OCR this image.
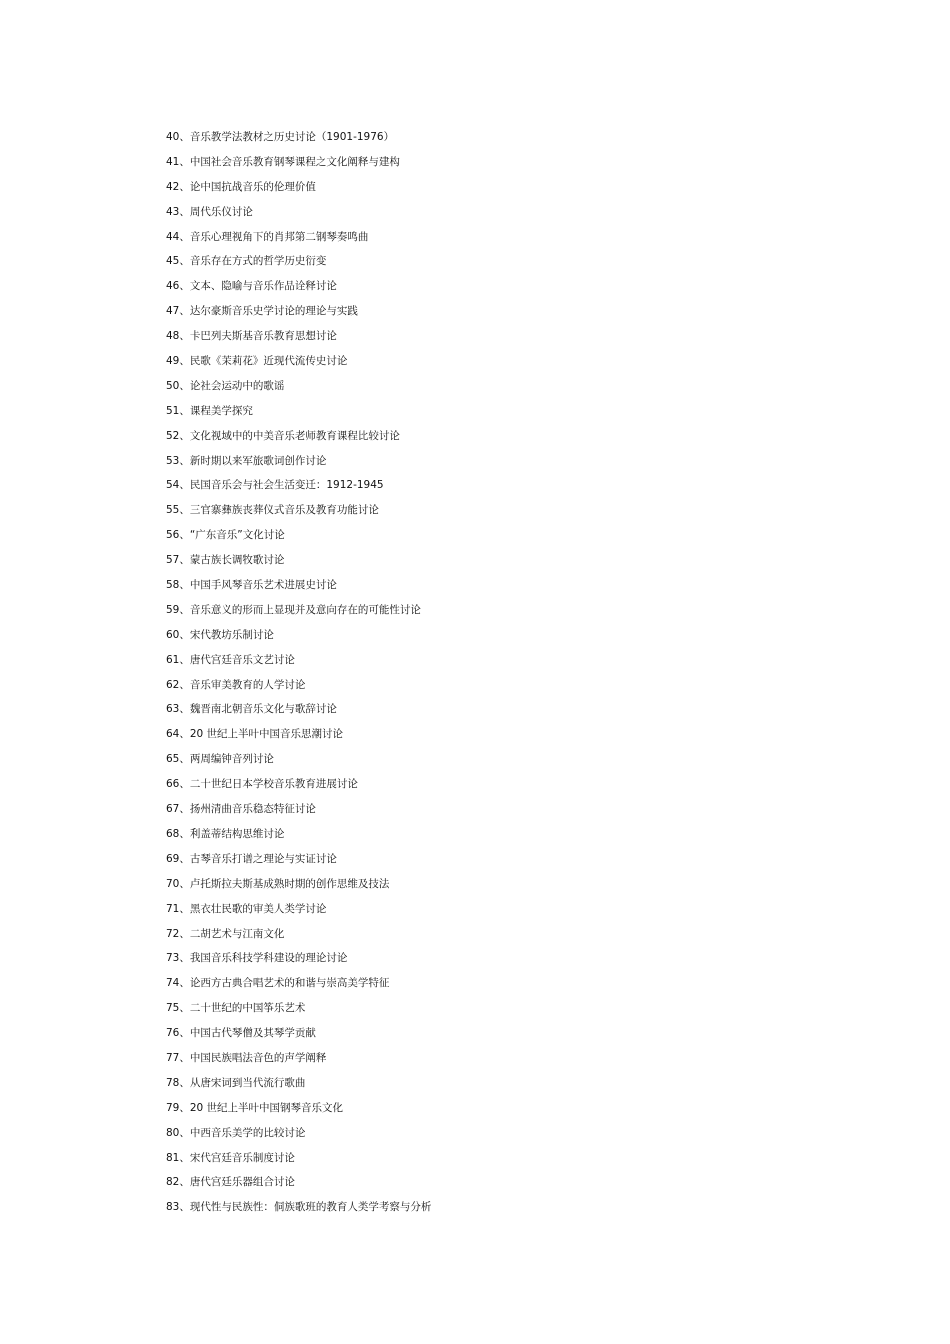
40、音乐教学法教材之历史讨论（1901-1976）
41、中国社会音乐教育钢琴课程之文化阐释与建构
42、论中国抗战音乐的伦理价值
43、周代乐仪讨论
44、音乐心理视角下的肖邦第二钢琴奏鸣曲
45、音乐存在方式的哲学历史衍变
46、文本、隐喻与音乐作品诠释讨论
47、达尔豪斯音乐史学讨论的理论与实践
48、卡巴列夫斯基音乐教育思想讨论
49、民歌《茉莉花》近现代流传史讨论
50、论社会运动中的歌谣
51、课程美学探究
52、文化视域中的中美音乐老师教育课程比较讨论
53、新时期以来军旅歌词创作讨论
54、民国音乐会与社会生活变迁：1912-1945
55、三官寨彝族丧葬仪式音乐及教育功能讨论
56、“广东音乐”文化讨论
57、蒙古族长调牧歌讨论
58、中国手风琴音乐艺术进展史讨论
59、音乐意义的形而上显现并及意向存在的可能性讨论
60、宋代教坊乐制讨论
61、唐代宫廷音乐文艺讨论
62、音乐审美教育的人学讨论
63、魏晋南北朝音乐文化与歌辞讨论
64、20 世纪上半叶中国音乐思潮讨论
65、两周编钟音列讨论
66、二十世纪日本学校音乐教育进展讨论
67、扬州清曲音乐稳态特征讨论
68、利盖蒂结构思维讨论
69、古琴音乐打谱之理论与实证讨论
70、卢托斯拉夫斯基成熟时期的创作思维及技法
71、黑衣壮民歌的审美人类学讨论
72、二胡艺术与江南文化
73、我国音乐科技学科建设的理论讨论
74、论西方古典合唱艺术的和谐与崇高美学特征
75、二十世纪的中国筝乐艺术
76、中国古代琴僧及其琴学贡献
77、中国民族唱法音色的声学阐释
78、从唐宋词到当代流行歌曲
79、20 世纪上半叶中国钢琴音乐文化
80、中西音乐美学的比较讨论
81、宋代宫廷音乐制度讨论
82、唐代宫廷乐器组合讨论
83、现代性与民族性：侗族歌班的教育人类学考察与分析
